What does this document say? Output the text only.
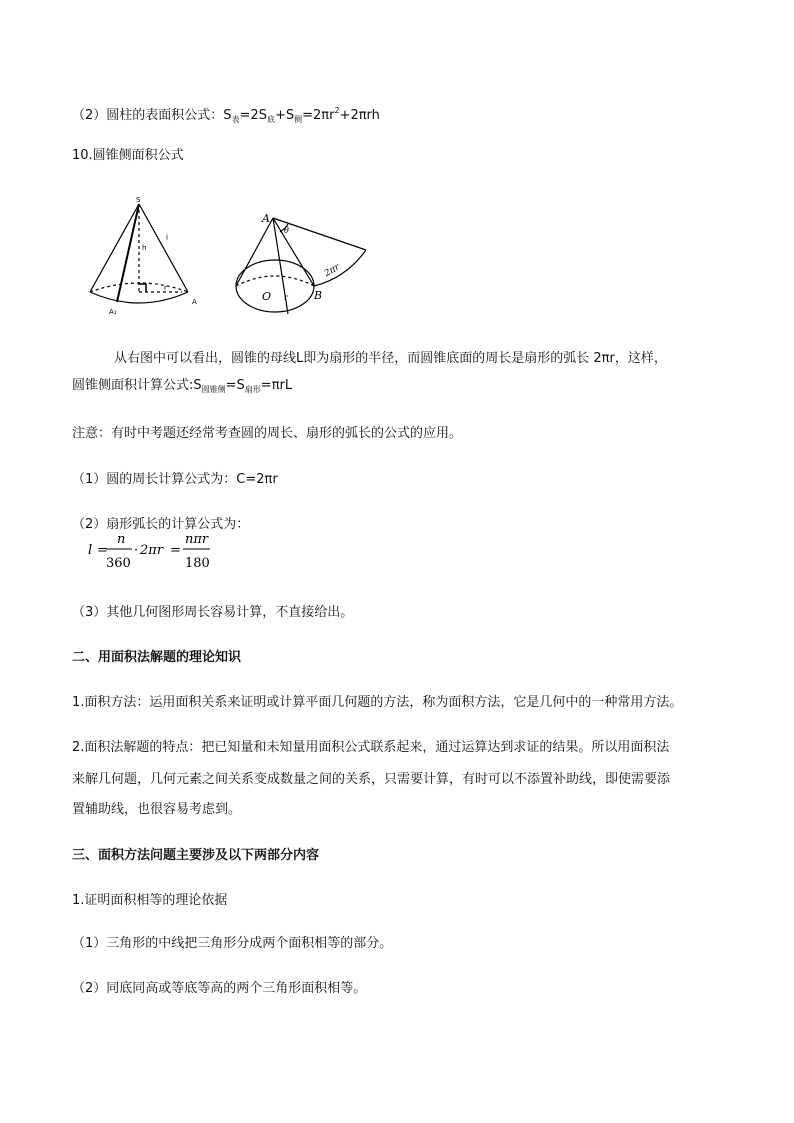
（2）圆柱的表面积公式：$S_表=2S_底+S_侧=2\pi r^2+2\pi rh$
10.圆锥侧面积公式
S
h
l
r
A
A₁
A
θ
2πr
O r B
从右图中可以看出，圆锥的母线L即为扇形的半径，而圆锥底面的周长是扇形的弧长 2πr，这样，
圆锥侧面积计算公式$:S_{圆锥侧}=S_{扇形}=\pi rL$
注意：有时中考题还经常考查圆的周长、扇形的弧长的公式的应用。
（1）圆的周长计算公式为：C=2πr
（2）扇形弧长的计算公式为：
l =
n
360
· 2πr =
nπr
180
（3）其他几何图形周长容易计算，不直接给出。
二、用面积法解题的理论知识
1.面积方法：运用面积关系来证明或计算平面几何题的方法，称为面积方法，它是几何中的一种常用方法。
2.面积法解题的特点：把已知量和未知量用面积公式联系起来，通过运算达到求证的结果。所以用面积法
来解几何题，几何元素之间关系变成数量之间的关系，只需要计算，有时可以不添置补助线，即使需要添
置辅助线，也很容易考虑到。
三、面积方法问题主要涉及以下两部分内容
1.证明面积相等的理论依据
（1）三角形的中线把三角形分成两个面积相等的部分。
（2）同底同高或等底等高的两个三角形面积相等。
